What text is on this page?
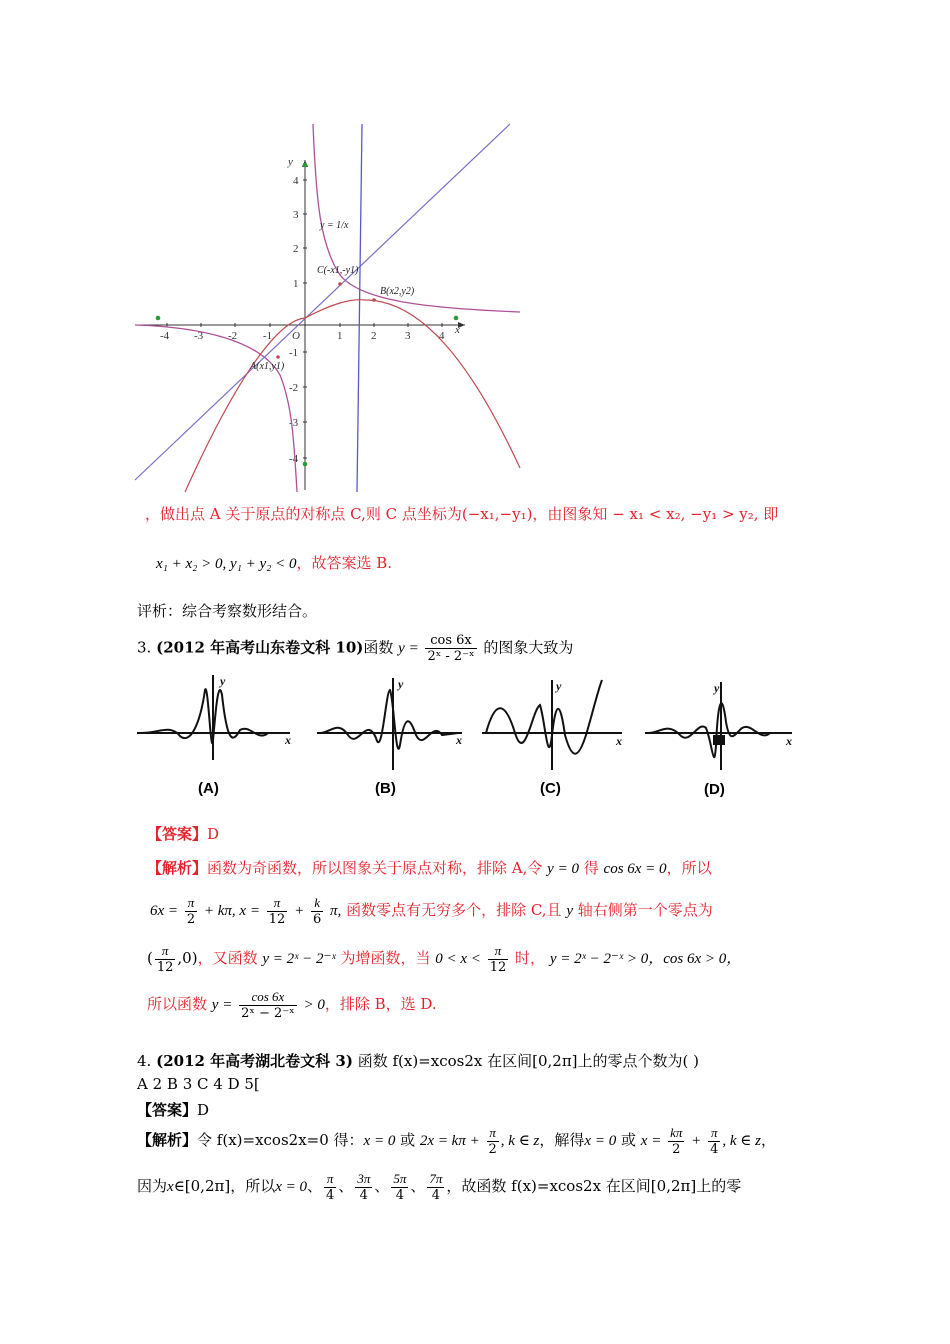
4
3
2
1
-1
-2
-3
-4
-4 -3 -2 -1	1	2	3	4
O	x
y
y = 1/x
C(-x1,-y1)
B(x2,y2)
A(x1,y1)
，做出点 A 关于原点的对称点 C,则 C 点坐标为(−x₁,−y₁)，由图象知 − x₁ < x₂, −y₁ > y₂, 即
x₁ + x₂ > 0, y₁ + y₂ < 0，故答案选 B.
评析：综合考察数形结合。
3. (2012 年高考山东卷文科 10)函数 $y = \frac{\cos 6x}{\text{2ˣ - 2⁻ˣ}}$ 的图象大致为
y
x
y
x
y
x
y
x
(A)	(B)	(C)	(D)
【答案】D
【解析】函数为奇函数，所以图象关于原点对称，排除 A,令 y = 0 得 cos 6x = 0，所以
$6x = \frac{\pi}{2} + k\pi$, $x = \frac{\pi}{12} + \frac{k}{6} \pi$, 函数零点有无穷多个，排除 C,且 y 轴右侧第一个零点为
( $\frac{\pi}{12} ,0$)，又函数 y = 2ˣ − 2⁻ˣ 为增函数，当 $0 < x < \frac{\pi}{12}$ 时， y = 2ˣ − 2⁻ˣ > 0，cos 6x > 0，
所以函数 $y = \frac{\cos 6x}{\text{2ˣ − 2⁻ˣ}} > 0$，排除 B，选 D.
4. (2012 年高考湖北卷文科 3) 函数 f(x)=xcos2x 在区间[0,2π]上的零点个数为( )
A 2 B 3 C 4 D 5[
【答案】D
【解析】令 f(x)=xcos2x=0 得：x = 0 或 $2x = k\pi + \frac{\pi}{2}$ , k ∈ z，解得x = 0 或 $x = \frac{k\pi}{2} + \frac{\pi}{4}$ , k ∈ z，
因为x∈[0,2π]，所以x = 0、 $\frac{\pi}{4}$ 、 $\frac{3\pi}{4}$ 、 $\frac{5\pi}{4}$ 、 $\frac{7\pi}{4}$ ，故函数 f(x)=xcos2x 在区间[0,2π]上的零
